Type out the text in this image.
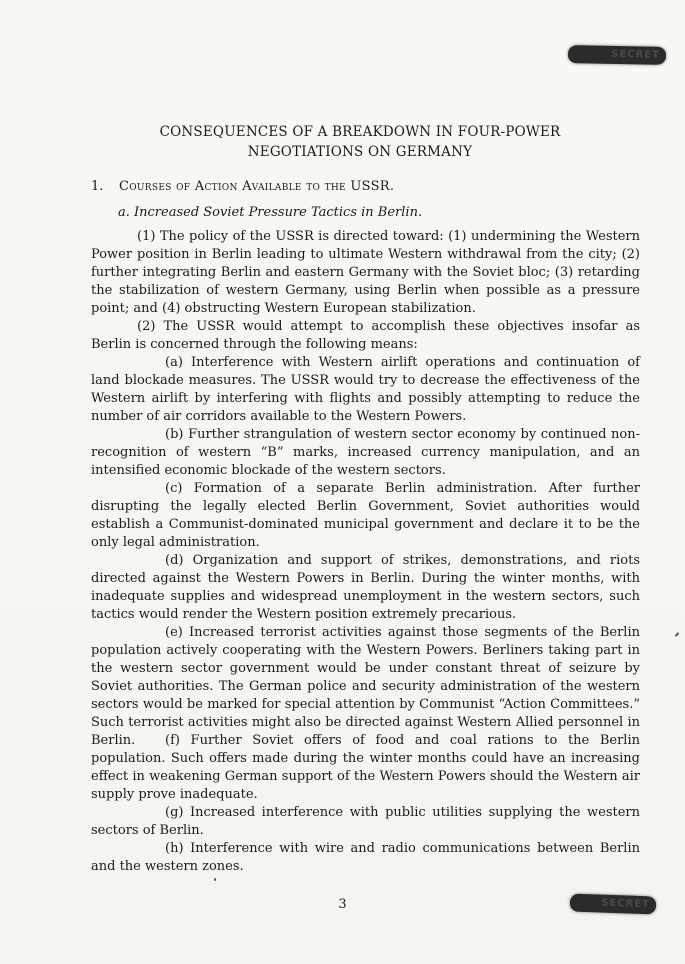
SECRET
CONSEQUENCES OF A BREAKDOWN IN FOUR-POWER
NEGOTIATIONS ON GERMANY
1. Courses of Action Available to the USSR.
a. Increased Soviet Pressure Tactics in Berlin.

(1) The policy of the USSR is directed toward: (1) undermining the Western Power position in Berlin leading to ultimate Western withdrawal from the city; (2) further integrating Berlin and eastern Germany with the Soviet bloc; (3) retarding the stabilization of western Germany, using Berlin when possible as a pressure point; and (4) obstructing Western European stabilization.

(2) The USSR would attempt to accomplish these objectives insofar as Berlin is concerned through the following means:

(a) Interference with Western airlift operations and continuation of land blockade measures. The USSR would try to decrease the effectiveness of the Western airlift by interfering with flights and possibly attempting to reduce the number of air corridors available to the Western Powers.

(b) Further strangulation of western sector economy by continued non-recognition of western “B” marks, increased currency manipulation, and an intensified economic blockade of the western sectors.

(c) Formation of a separate Berlin administration. After further disrupting the legally elected Berlin Government, Soviet authorities would establish a Communist-dominated municipal government and declare it to be the only legal administration.

(d) Organization and support of strikes, demonstrations, and riots directed against the Western Powers in Berlin. During the winter months, with inadequate supplies and widespread unemployment in the western sectors, such tactics would render the Western position extremely precarious.

(e) Increased terrorist activities against those segments of the Berlin population actively cooperating with the Western Powers. Berliners taking part in the western sector government would be under constant threat of seizure by Soviet authorities. The German police and security administration of the western sectors would be marked for special attention by Communist “Action Committees.” Such terrorist activities might also be directed against Western Allied personnel in Berlin.	(f) Further Soviet offers of food and coal rations to the Berlin population. Such offers made during the winter months could have an increasing effect in weakening German support of the Western Powers should the Western air supply prove inadequate.

(g) Increased interference with public utilities supplying the western sectors of Berlin.

(h) Interference with wire and radio communications between Berlin and the western zones.

3	SECRET
